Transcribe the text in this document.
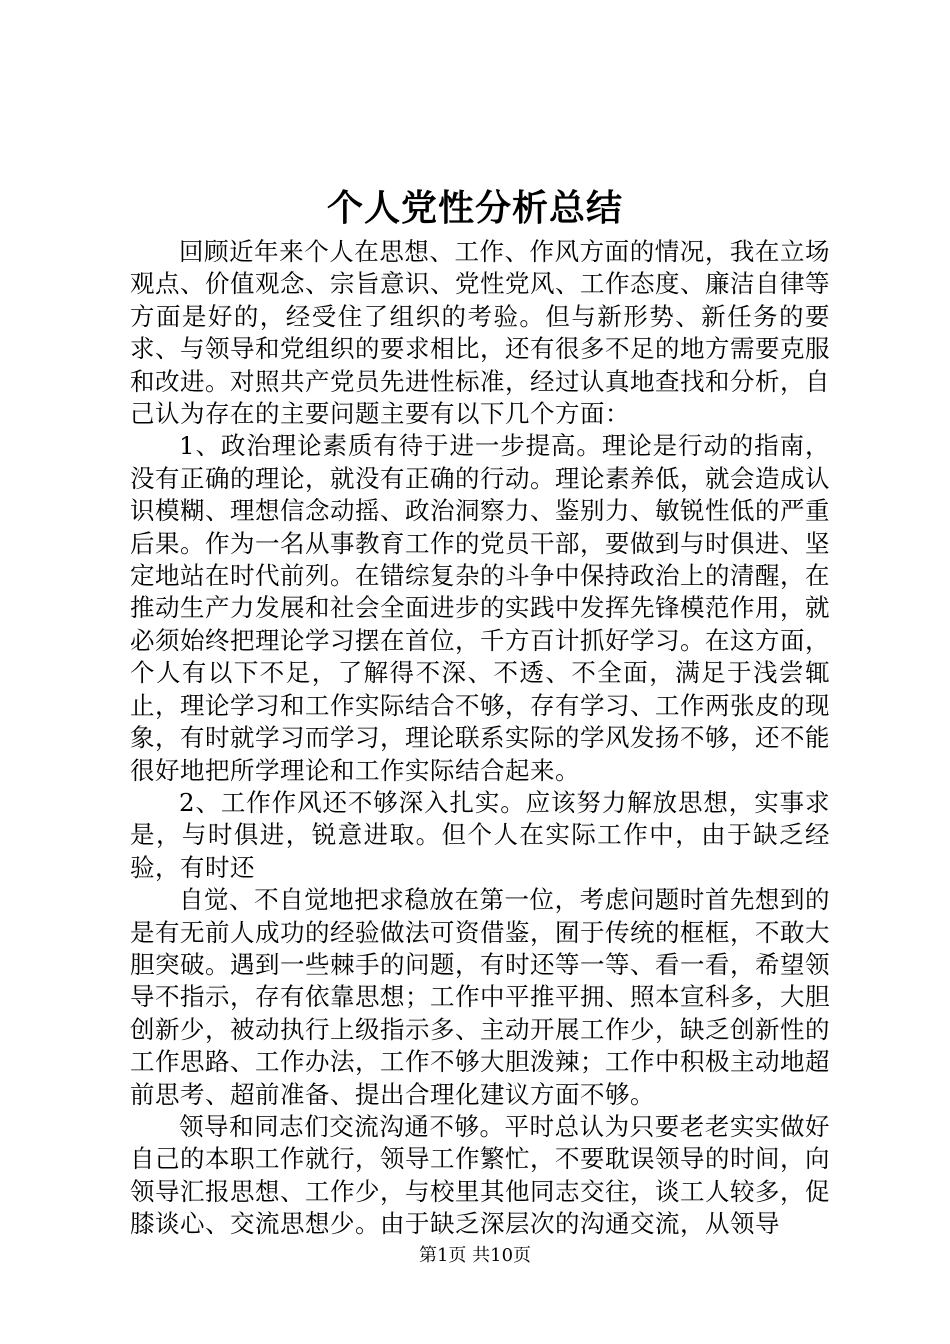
个人党性分析总结

回顾近年来个人在思想、工作、作风方面的情况，我在立场观点、价值观念、宗旨意识、党性党风、工作态度、廉洁自律等方面是好的，经受住了组织的考验。但与新形势、新任务的要求、与领导和党组织的要求相比，还有很多不足的地方需要克服和改进。对照共产党员先进性标准，经过认真地查找和分析，自己认为存在的主要问题主要有以下几个方面：

1、政治理论素质有待于进一步提高。理论是行动的指南，没有正确的理论，就没有正确的行动。理论素养低，就会造成认识模糊、理想信念动摇、政治洞察力、鉴别力、敏锐性低的严重后果。作为一名从事教育工作的党员干部，要做到与时俱进、坚定地站在时代前列。在错综复杂的斗争中保持政治上的清醒，在推动生产力发展和社会全面进步的实践中发挥先锋模范作用，就必须始终把理论学习摆在首位，千方百计抓好学习。在这方面，个人有以下不足，了解得不深、不透、不全面，满足于浅尝辄止，理论学习和工作实际结合不够，存有学习、工作两张皮的现象，有时就学习而学习，理论联系实际的学风发扬不够，还不能很好地把所学理论和工作实际结合起来。

2、工作作风还不够深入扎实。应该努力解放思想，实事求是，与时俱进，锐意进取。但个人在实际工作中，由于缺乏经验，有时还

自觉、不自觉地把求稳放在第一位，考虑问题时首先想到的是有无前人成功的经验做法可资借鉴，囿于传统的框框，不敢大胆突破。遇到一些棘手的问题，有时还等一等、看一看，希望领导不指示，存有依靠思想；工作中平推平拥、照本宣科多，大胆创新少，被动执行上级指示多、主动开展工作少，缺乏创新性的工作思路、工作办法，工作不够大胆泼辣；工作中积极主动地超前思考、超前准备、提出合理化建议方面不够。

领导和同志们交流沟通不够。平时总认为只要老老实实做好自己的本职工作就行，领导工作繁忙，不要耽误领导的时间，向领导汇报思想、工作少，与校里其他同志交往，谈工人较多，促膝谈心、交流思想少。由于缺乏深层次的沟通交流，从领导

第1页 共10页
